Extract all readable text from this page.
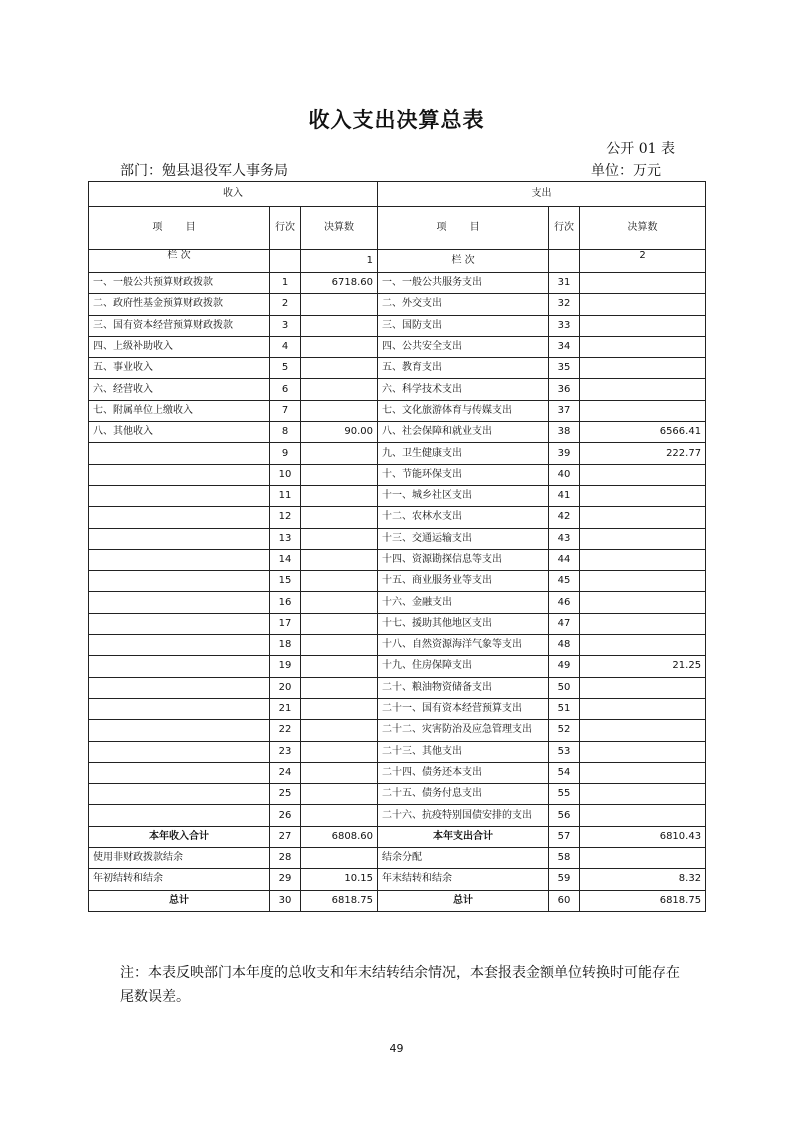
收入支出决算总表
公开 01 表
部门：勉县退役军人事务局	单位：万元
收入			支出		
项 目	行次	决算数	项 目	行次	决算数
栏 次		1	栏 次		2
一、一般公共预算财政拨款	1	6718.60	一、一般公共服务支出	31	
二、政府性基金预算财政拨款	2		二、外交支出	32	
三、国有资本经营预算财政拨款	3		三、国防支出	33	
四、上级补助收入	4		四、公共安全支出	34	
五、事业收入	5		五、教育支出	35	
六、经营收入	6		六、科学技术支出	36	
七、附属单位上缴收入	7		七、文化旅游体育与传媒支出	37	
八、其他收入	8	90.00	八、社会保障和就业支出	38	6566.41
	9		九、卫生健康支出	39	222.77
	10		十、节能环保支出	40	
	11		十一、城乡社区支出	41	
	12		十二、农林水支出	42	
	13		十三、交通运输支出	43	
	14		十四、资源勘探信息等支出	44	
	15		十五、商业服务业等支出	45	
	16		十六、金融支出	46	
	17		十七、援助其他地区支出	47	
	18		十八、自然资源海洋气象等支出	48	
	19		十九、住房保障支出	49	21.25
	20		二十、粮油物资储备支出	50	
	21		二十一、国有资本经营预算支出	51	
	22		二十二、灾害防治及应急管理支出	52	
	23		二十三、其他支出	53	
	24		二十四、债务还本支出	54	
	25		二十五、债务付息支出	55	
	26		二十六、抗疫特别国债安排的支出	56	
本年收入合计	27	6808.60	本年支出合计	57	6810.43
使用非财政拨款结余	28		结余分配	58	
年初结转和结余	29	10.15	年末结转和结余	59	8.32
总计	30	6818.75	总计	60	6818.75
注：本表反映部门本年度的总收支和年末结转结余情况，本套报表金额单位转换时可能存在尾数误差。
49
